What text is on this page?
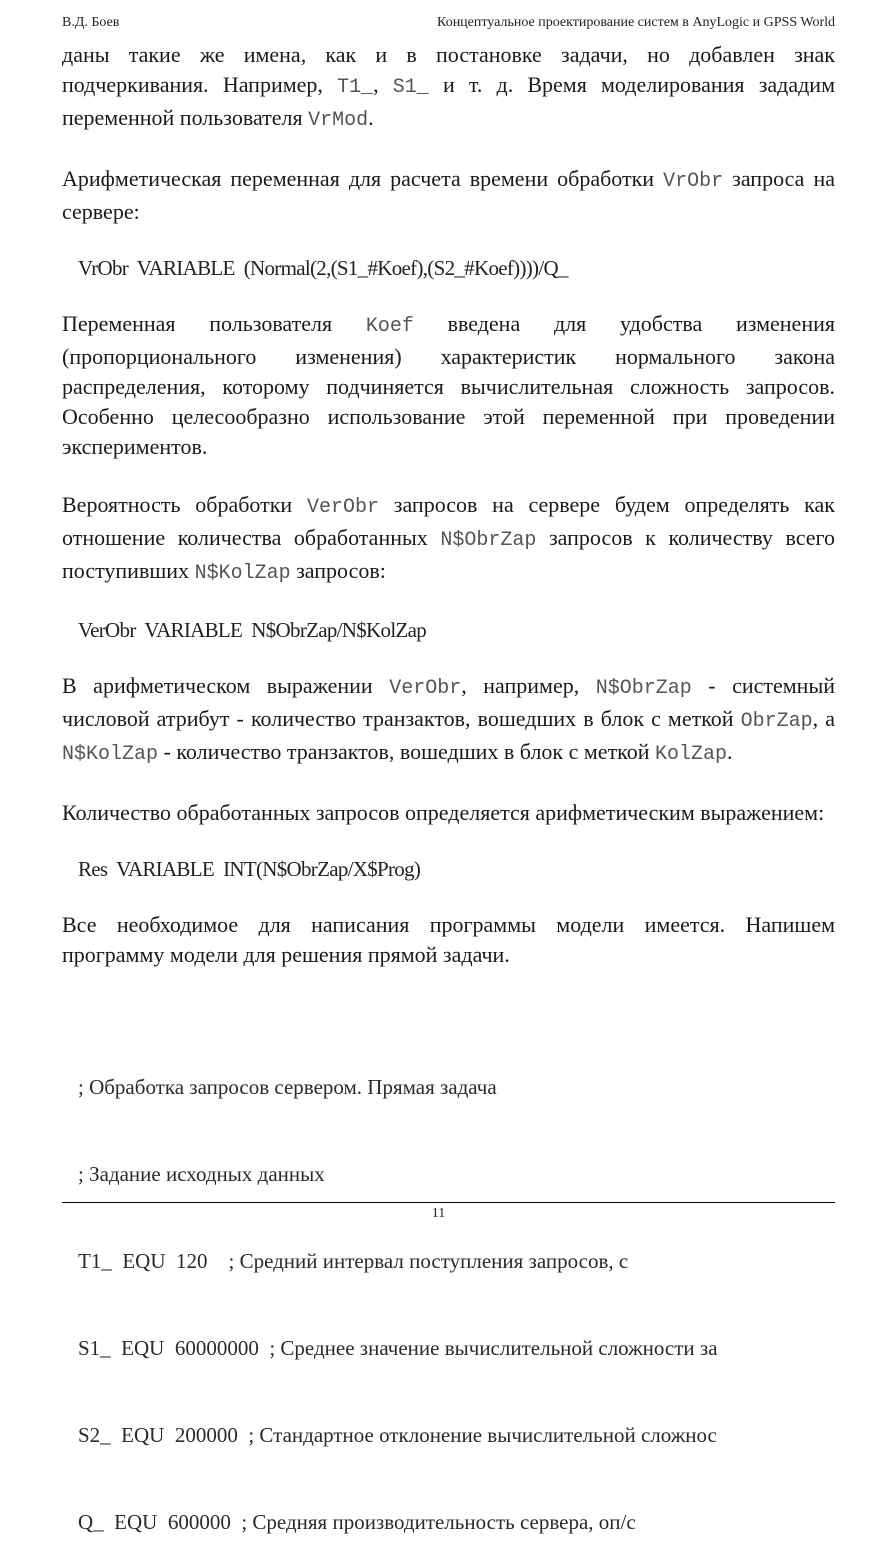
В.Д. Боев	Концептуальное проектирование систем в AnyLogic и GPSS World

даны такие же имена, как и в постановке задачи, но добавлен знак подчеркивания. Например, T1_, S1_ и т. д. Время моделирования зададим переменной пользователя VrMod.

Арифметическая переменная для расчета времени обработки VrObr запроса на сервере:

VrObr  VARIABLE  (Normal(2,(S1_#Koef),(S2_#Koef))))/Q_

Переменная пользователя Koef введена для удобства изменения (пропорционального изменения) характеристик нормального закона распределения, которому подчиняется вычислительная сложность запросов. Особенно целесообразно использование этой переменной при проведении экспериментов.

Вероятность обработки VerObr запросов на сервере будем определять как отношение количества обработанных N$ObrZap запросов к количеству всего поступивших N$KolZap запросов:

VerObr  VARIABLE  N$ObrZap/N$KolZap

В арифметическом выражении VerObr, например, N$ObrZap - системный числовой атрибут - количество транзактов, вошедших в блок с меткой ObrZap, а N$KolZap - количество транзактов, вошедших в блок с меткой KolZap.

Количество обработанных запросов определяется арифметическим выражением:

Res  VARIABLE  INT(N$ObrZap/X$Prog)

Все необходимое для написания программы модели имеется. Напишем программу модели для решения прямой задачи.

; Обработка запросов сервером. Прямая задача

; Задание исходных данных

T1_  EQU  120    ; Средний интервал поступления запросов, с

S1_  EQU  60000000  ; Среднее значение вычислительной сложности за

S2_  EQU  200000  ; Стандартное отклонение вычислительной сложнос

Q_  EQU  600000  ; Средняя производительность сервера, оп/с

11
